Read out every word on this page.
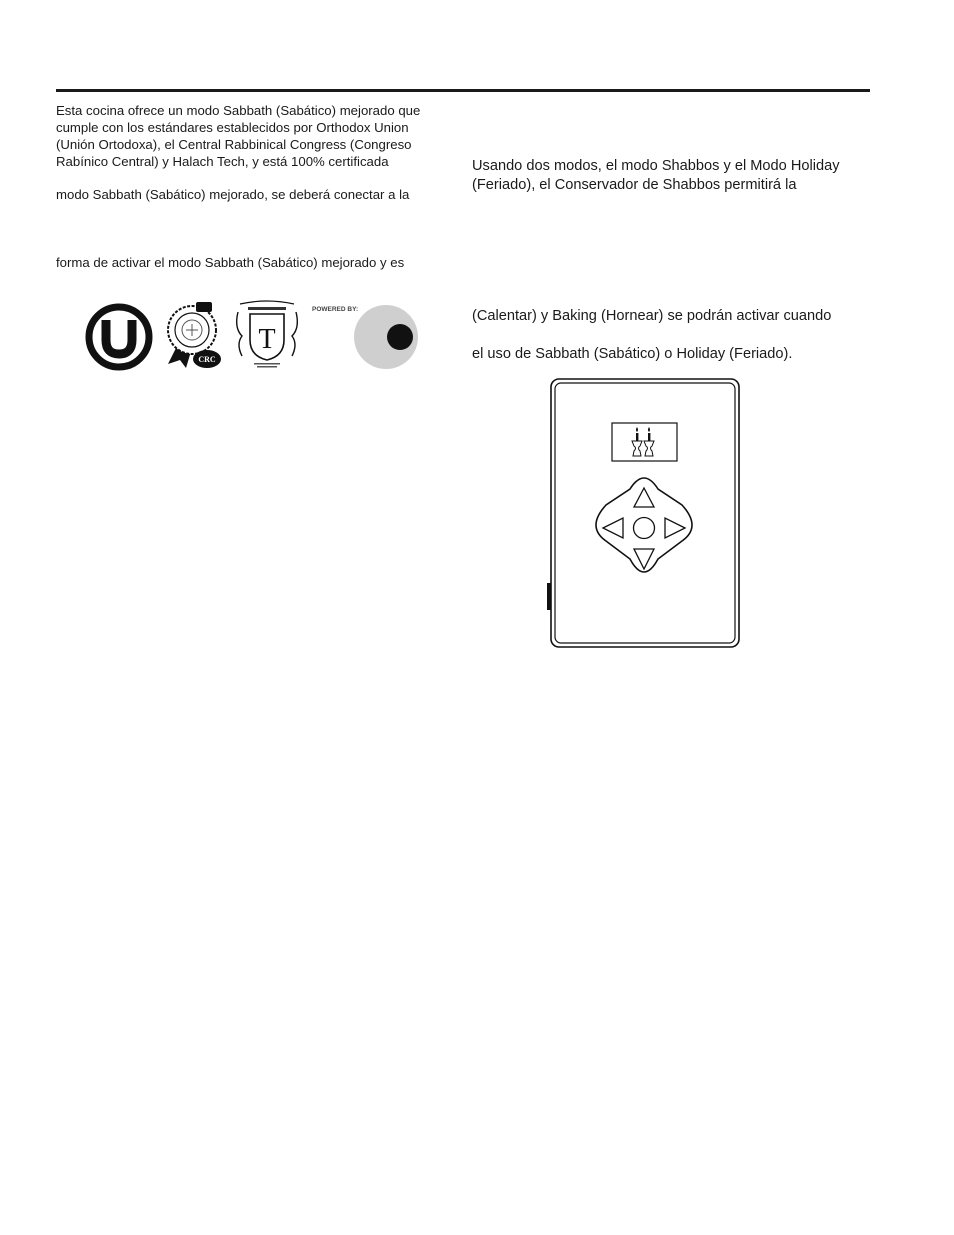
Esta cocina ofrece un modo Sabbath (Sabático) mejorado que

cumple con los estándares establecidos por Orthodox Union

(Unión Ortodoxa), el Central Rabbinical Congress (Congreso

Rabínico Central) y Halach Tech, y está 100% certificada

modo Sabbath (Sabático) mejorado, se deberá conectar a la

forma de activar el modo Sabbath (Sabático) mejorado y es

CRC
T
POWERED BY:

Usando dos modos, el modo Shabbos y el Modo Holiday

(Feriado), el Conservador de Shabbos permitirá la

(Calentar) y Baking (Hornear) se podrán activar cuando

el uso de Sabbath (Sabático) o Holiday (Feriado).
